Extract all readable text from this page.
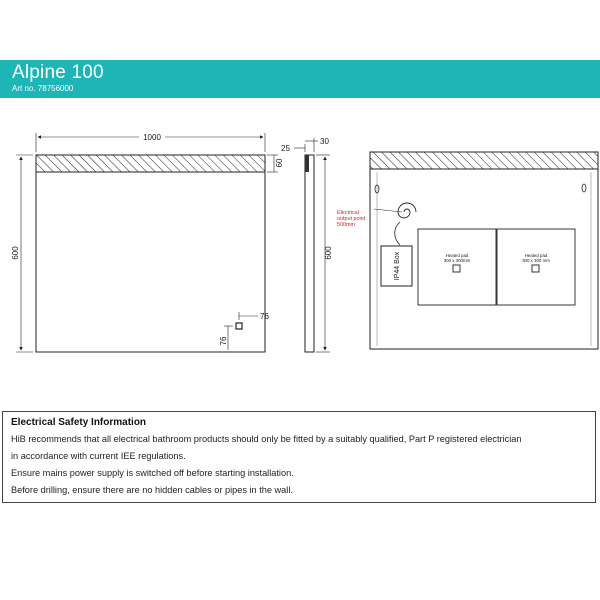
Alpine 100
Art no. 78756000
1000
600
60
76
76
25
30
600
Electrical
output point
500mm
IP44 Box	Heated pad
300 x 300mm
Heated pad
300 x 300 mm
Electrical Safety Information

HiB recommends that all electrical bathroom products should only be fitted by a suitably qualified, Part P registered electrician

in accordance with current IEE regulations.

Ensure mains power supply is switched off before starting installation.

Before drilling, ensure there are no hidden cables or pipes in the wall.
